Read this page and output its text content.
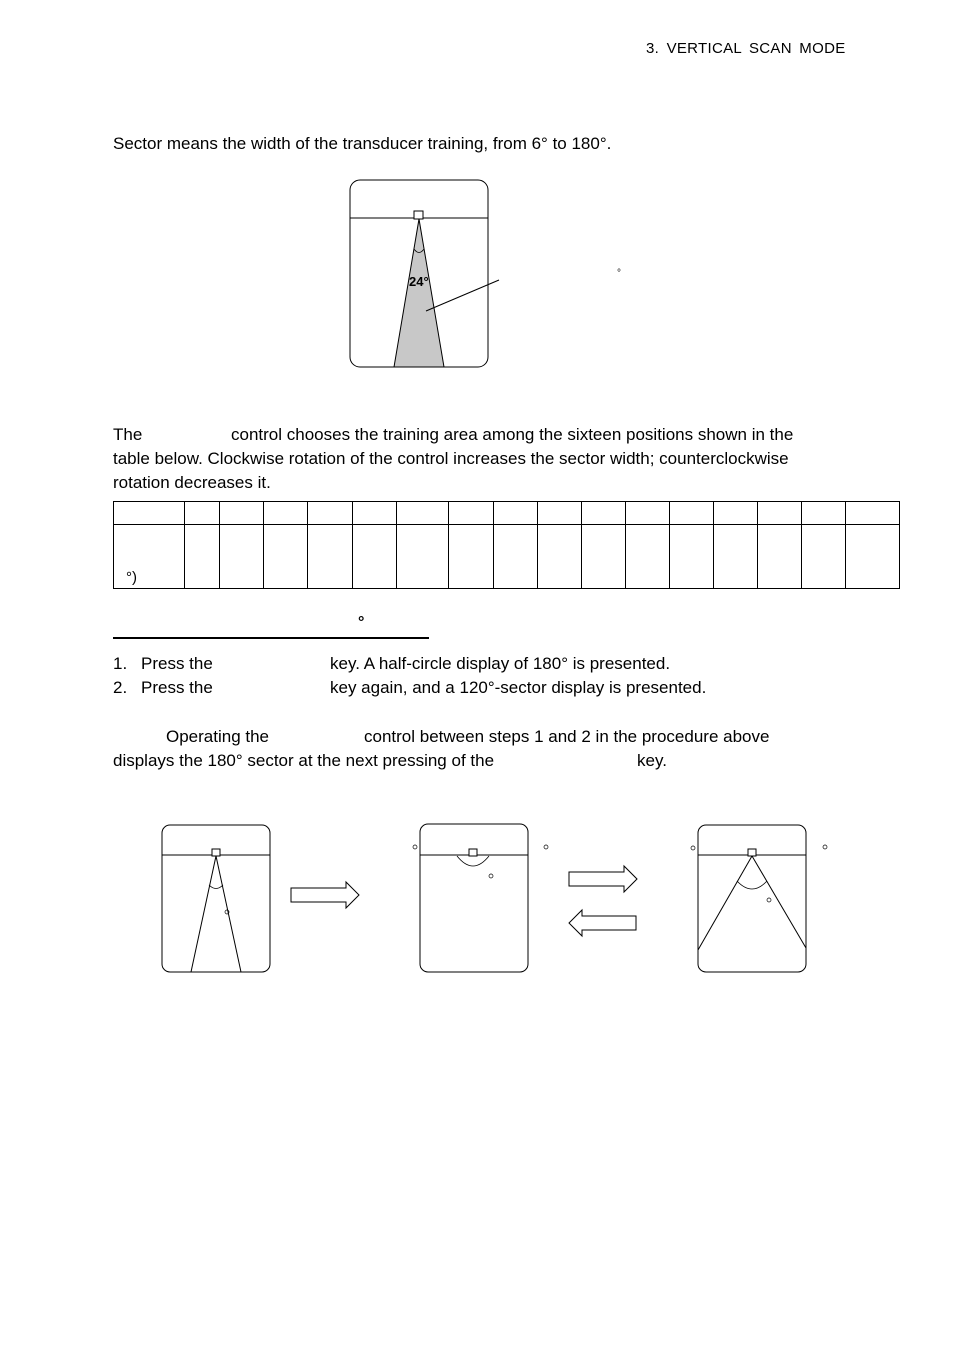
3. VERTICAL SCAN MODE
Sector means the width of the transducer training, from 6° to 180°.
24°
°
The	control chooses the training area among the sixteen positions shown in the
table below. Clockwise rotation of the control increases the sector width; counterclockwise
rotation decreases it.

°)																

°
1. Press the	key. A half-circle display of 180° is presented.
2. Press the	key again, and a 120°-sector display is presented.
Operating the	control between steps 1 and 2 in the procedure above
displays the 180° sector at the next pressing of the	key.
